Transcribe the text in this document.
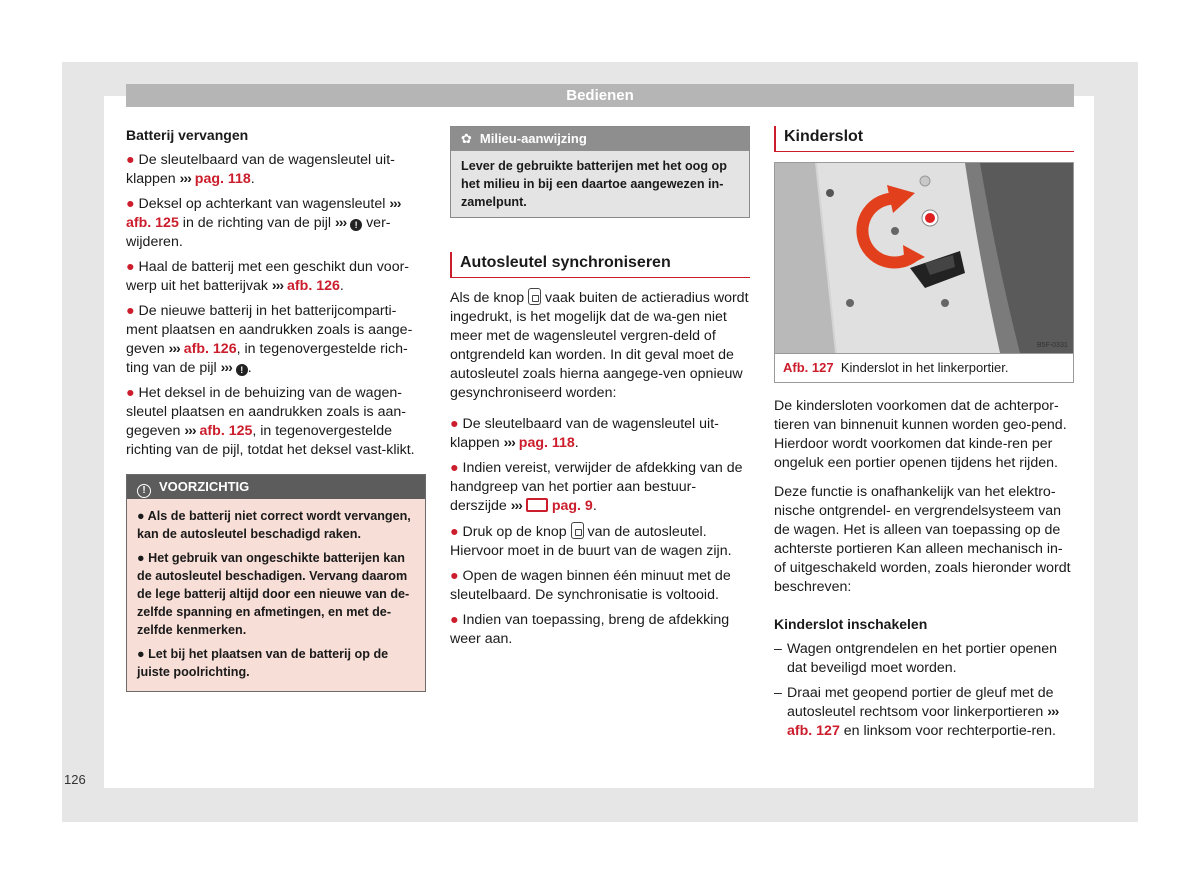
Bedienen
Batterij vervangen
● De sleutelbaard van de wagensleutel uit-klappen ››› pag. 118.
● Deksel op achterkant van wagensleutel ››› afb. 125 in de richting van de pijl ››› ! ver-wijderen.
● Haal de batterij met een geschikt dun voor-werp uit het batterijvak ››› afb. 126.
● De nieuwe batterij in het batterijcomparti-ment plaatsen en aandrukken zoals is aange-geven ››› afb. 126, in tegenovergestelde rich-ting van de pijl ››› ! .
● Het deksel in de behuizing van de wagen-sleutel plaatsen en aandrukken zoals is aan-gegeven ››› afb. 125, in tegenovergestelde richting van de pijl, totdat het deksel vast-klikt.
! VOORZICHTIG

● Als de batterij niet correct wordt vervangen, kan de autosleutel beschadigd raken.

● Het gebruik van ongeschikte batterijen kan de autosleutel beschadigen. Vervang daarom de lege batterij altijd door een nieuwe van de-zelfde spanning en afmetingen, en met de-zelfde kenmerken.

● Let bij het plaatsen van de batterij op de juiste poolrichting.

✿ Milieu-aanwijzing
Lever de gebruikte batterijen met het oog op het milieu in bij een daartoe aangewezen in-zamelpunt.
Autosleutel synchroniseren
Als de knop  vaak buiten de actieradius wordt ingedrukt, is het mogelijk dat de wa-gen niet meer met de wagensleutel vergren-deld of ontgrendeld kan worden. In dit geval moet de autosleutel zoals hierna aangege-ven opnieuw gesynchroniseerd worden:
● De sleutelbaard van de wagensleutel uit-klappen ››› pag. 118.
● Indien vereist, verwijder de afdekking van de handgreep van het portier aan bestuur-derszijde ››› pag. 9.
● Druk op de knop  van de autosleutel. Hiervoor moet in de buurt van de wagen zijn.
● Open de wagen binnen één minuut met de sleutelbaard. De synchronisatie is voltooid.
● Indien van toepassing, breng de afdekking weer aan.
Kinderslot
B5F-0331
Afb. 127 Kinderslot in het linkerportier.
De kindersloten voorkomen dat de achterpor-tieren van binnenuit kunnen worden geo-pend. Hierdoor wordt voorkomen dat kinde-ren per ongeluk een portier openen tijdens het rijden.
Deze functie is onafhankelijk van het elektro-nische ontgrendel- en vergrendelsysteem van de wagen. Het is alleen van toepassing op de achterste portieren Kan alleen mechanisch in- of uitgeschakeld worden, zoals hieronder wordt beschreven:
Kinderslot inschakelen
– Wagen ontgrendelen en het portier openen dat beveiligd moet worden.
– Draai met geopend portier de gleuf met de autosleutel rechtsom voor linkerportieren ››› afb. 127 en linksom voor rechterportie-ren.
126
